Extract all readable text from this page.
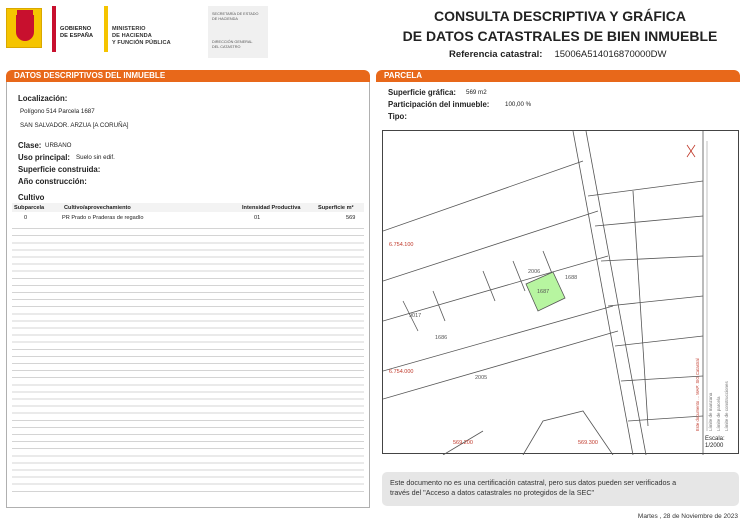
GOBIERNO
DE ESPAÑA
MINISTERIO
DE HACIENDA
Y FUNCIÓN PÚBLICA
SECRETARÍA DE ESTADO
DE HACIENDA
DIRECCIÓN GENERAL
DEL CATASTRO
CONSULTA DESCRIPTIVA Y GRÁFICA
DE DATOS CATASTRALES DE BIEN INMUEBLE
Referencia catastral: 15006A514016870000DW
DATOS DESCRIPTIVOS DEL INMUEBLE
Localización:
Polígono 514 Parcela 1687
SAN SALVADOR. ARZUA [A CORUÑA]
Clase: URBANO
Uso principal: Suelo sin edif.
Superficie construida:
Año construcción:
Cultivo
Subparcela	Cultivo/aprovechamiento	Intensidad Productiva	Superficie m²
0	PR Prado o Praderas de regadío	01	569
PARCELA
Superficie gráfica: 569 m2
Participación del inmueble:	100,00 %
Tipo:
6.754.100
6.754.000
569.200	569.300
1688
1687
9017
1686
2005
2006
Límite de manzana Límite de parcela Límite de construcciones
Este documento ... MAP: SIG Catastral
Escala:
1/2000
Este documento no es una certificación catastral, pero sus datos pueden ser verificados a
través del "Acceso a datos catastrales no protegidos de la SEC"
Martes , 28 de Noviembre de 2023
